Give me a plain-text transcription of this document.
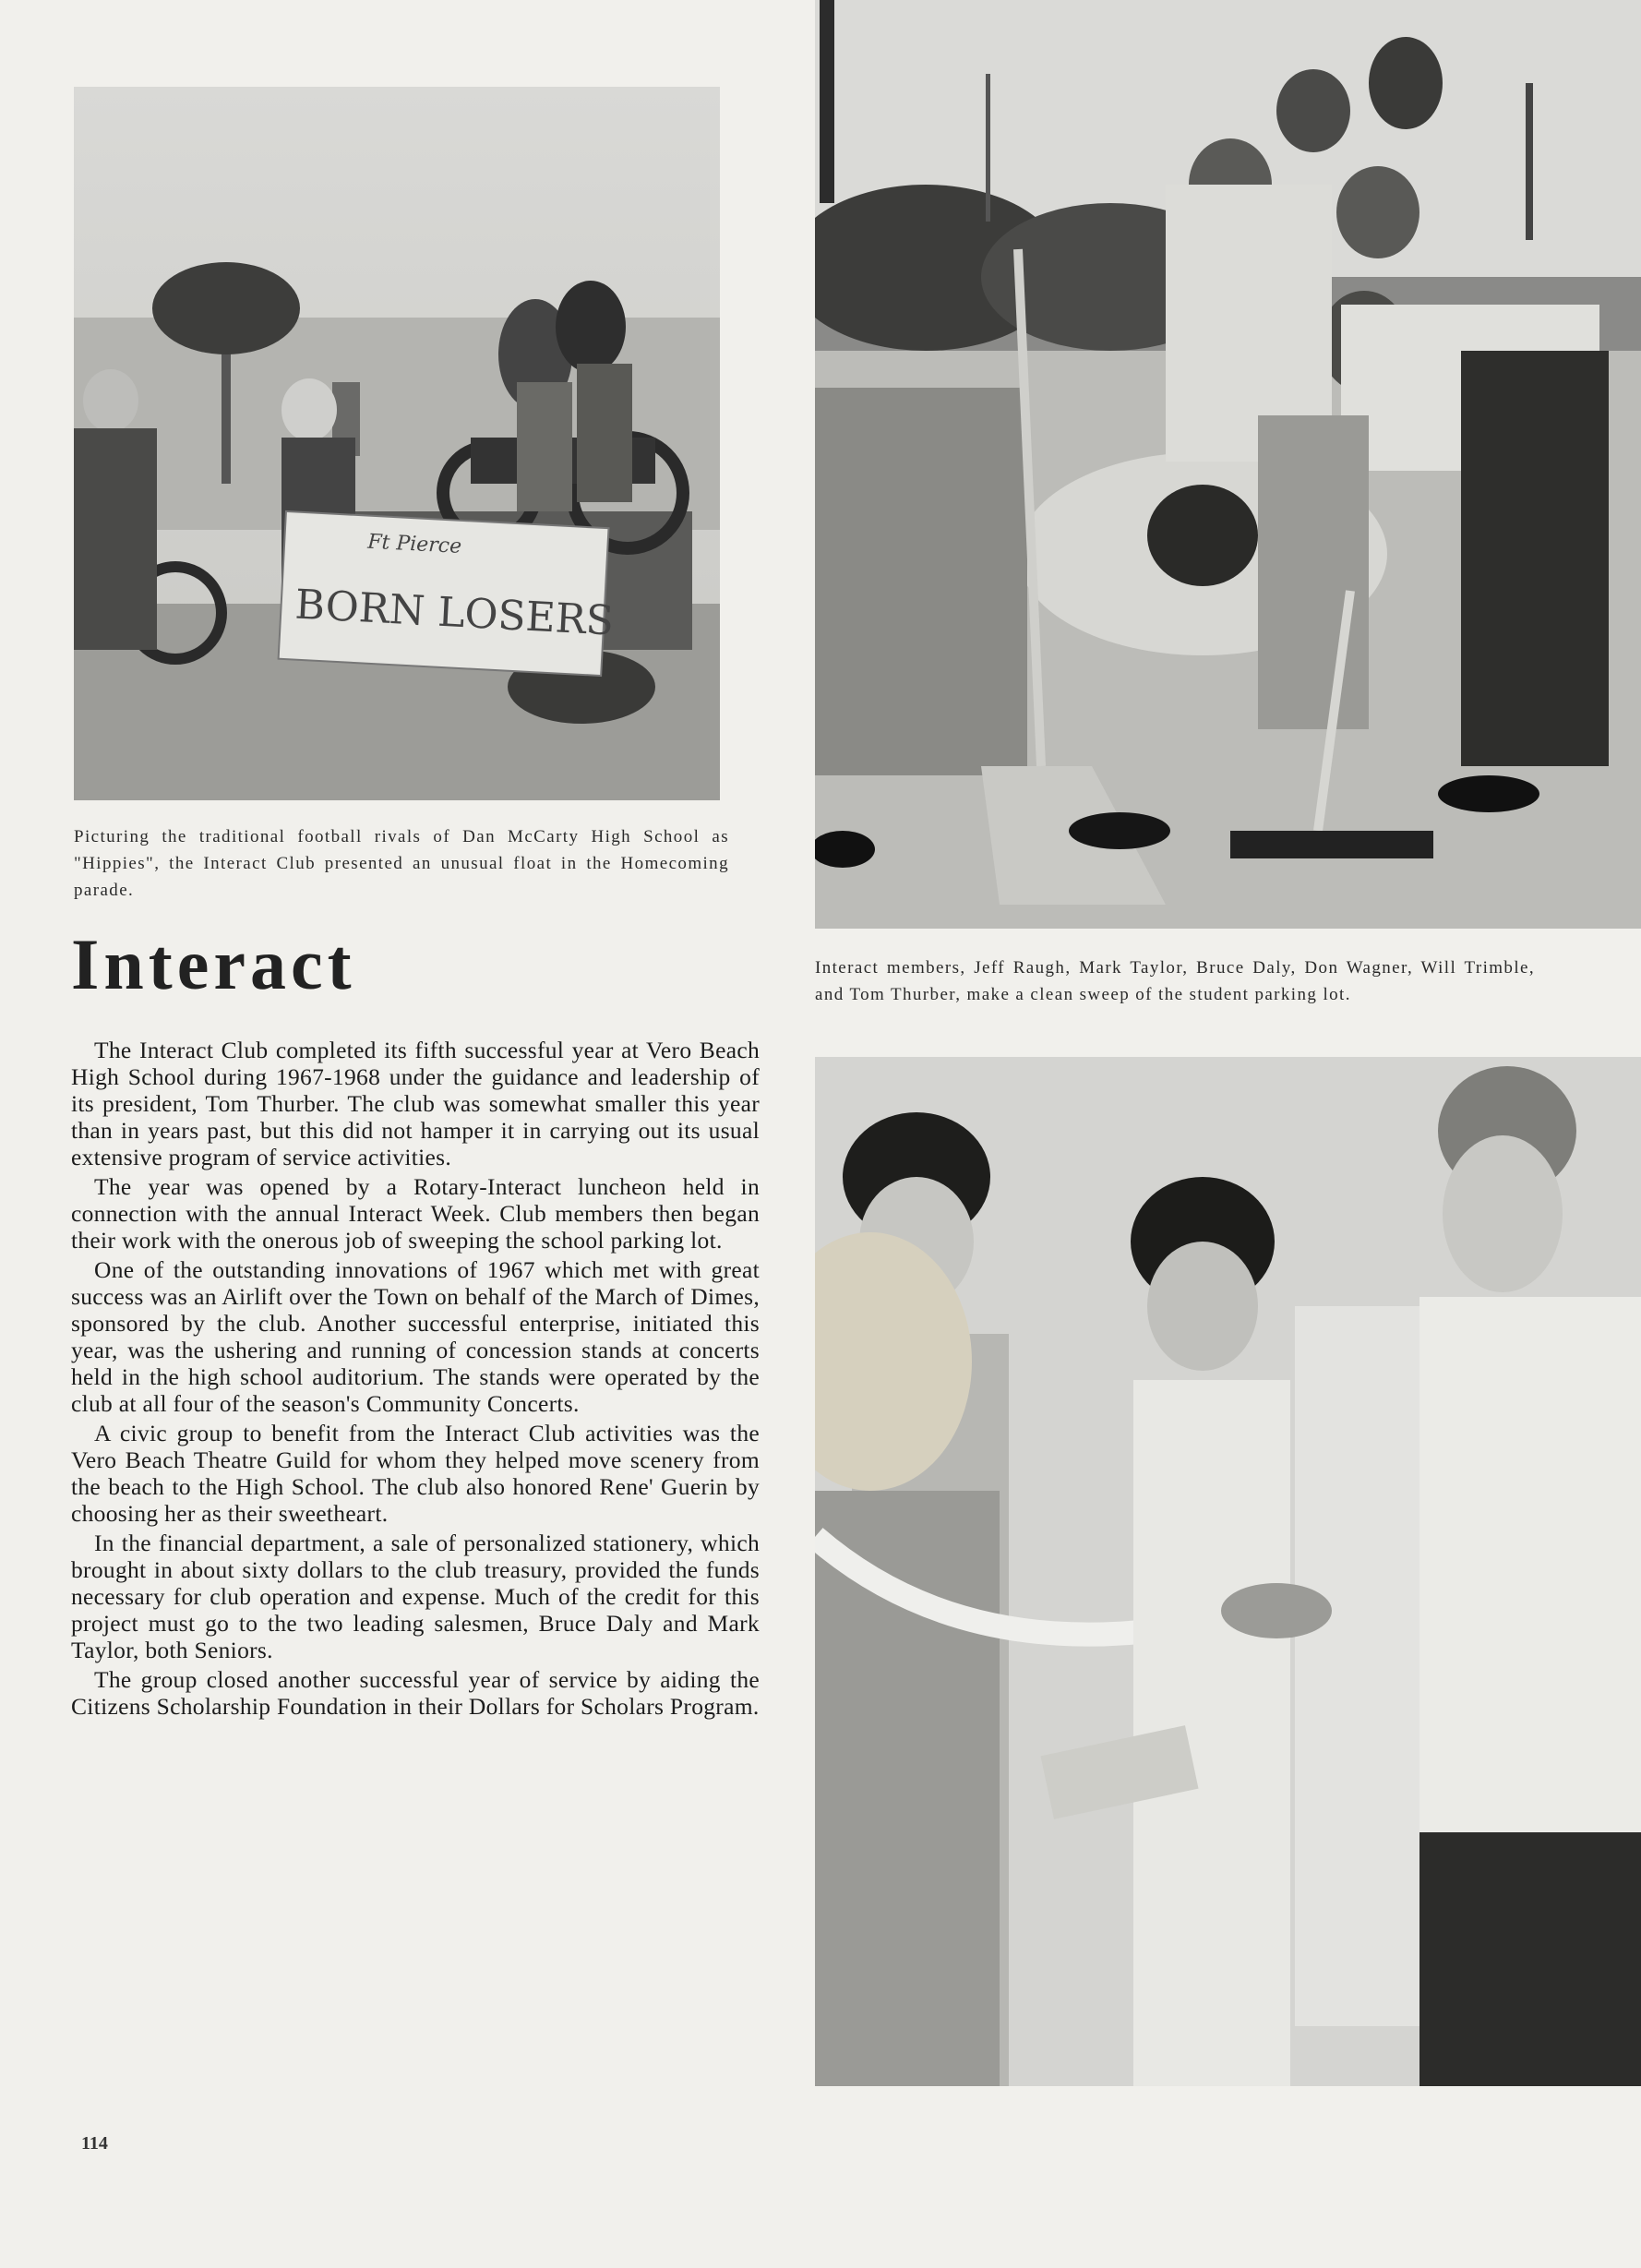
Ft Pierce
BORN LOSERS
Picturing the traditional football rivals of Dan McCarty High School as "Hippies", the Interact Club presented an unusual float in the Homecoming parade.
Interact members, Jeff Raugh, Mark Taylor, Bruce Daly, Don Wagner, Will Trimble, and Tom Thurber, make a clean sweep of the student parking lot.
Interact

The Interact Club completed its fifth successful year at Vero Beach High School during 1967-1968 under the guidance and leadership of its president, Tom Thurber. The club was somewhat smaller this year than in years past, but this did not hamper it in carrying out its usual extensive program of service activities.

The year was opened by a Rotary-Interact luncheon held in connection with the annual Interact Week. Club members then began their work with the onerous job of sweeping the school parking lot.

One of the outstanding innovations of 1967 which met with great success was an Airlift over the Town on behalf of the March of Dimes, sponsored by the club. Another successful enterprise, initiated this year, was the ushering and running of concession stands at concerts held in the high school auditorium. The stands were operated by the club at all four of the season's Community Concerts.

A civic group to benefit from the Interact Club activities was the Vero Beach Theatre Guild for whom they helped move scenery from the beach to the High School. The club also honored Rene' Guerin by choosing her as their sweetheart.

In the financial department, a sale of personalized stationery, which brought in about sixty dollars to the club treasury, provided the funds necessary for club operation and expense. Much of the credit for this project must go to the two leading salesmen, Bruce Daly and Mark Taylor, both Seniors.

The group closed another successful year of service by aiding the Citizens Scholarship Foundation in their Dollars for Scholars Program.

114
